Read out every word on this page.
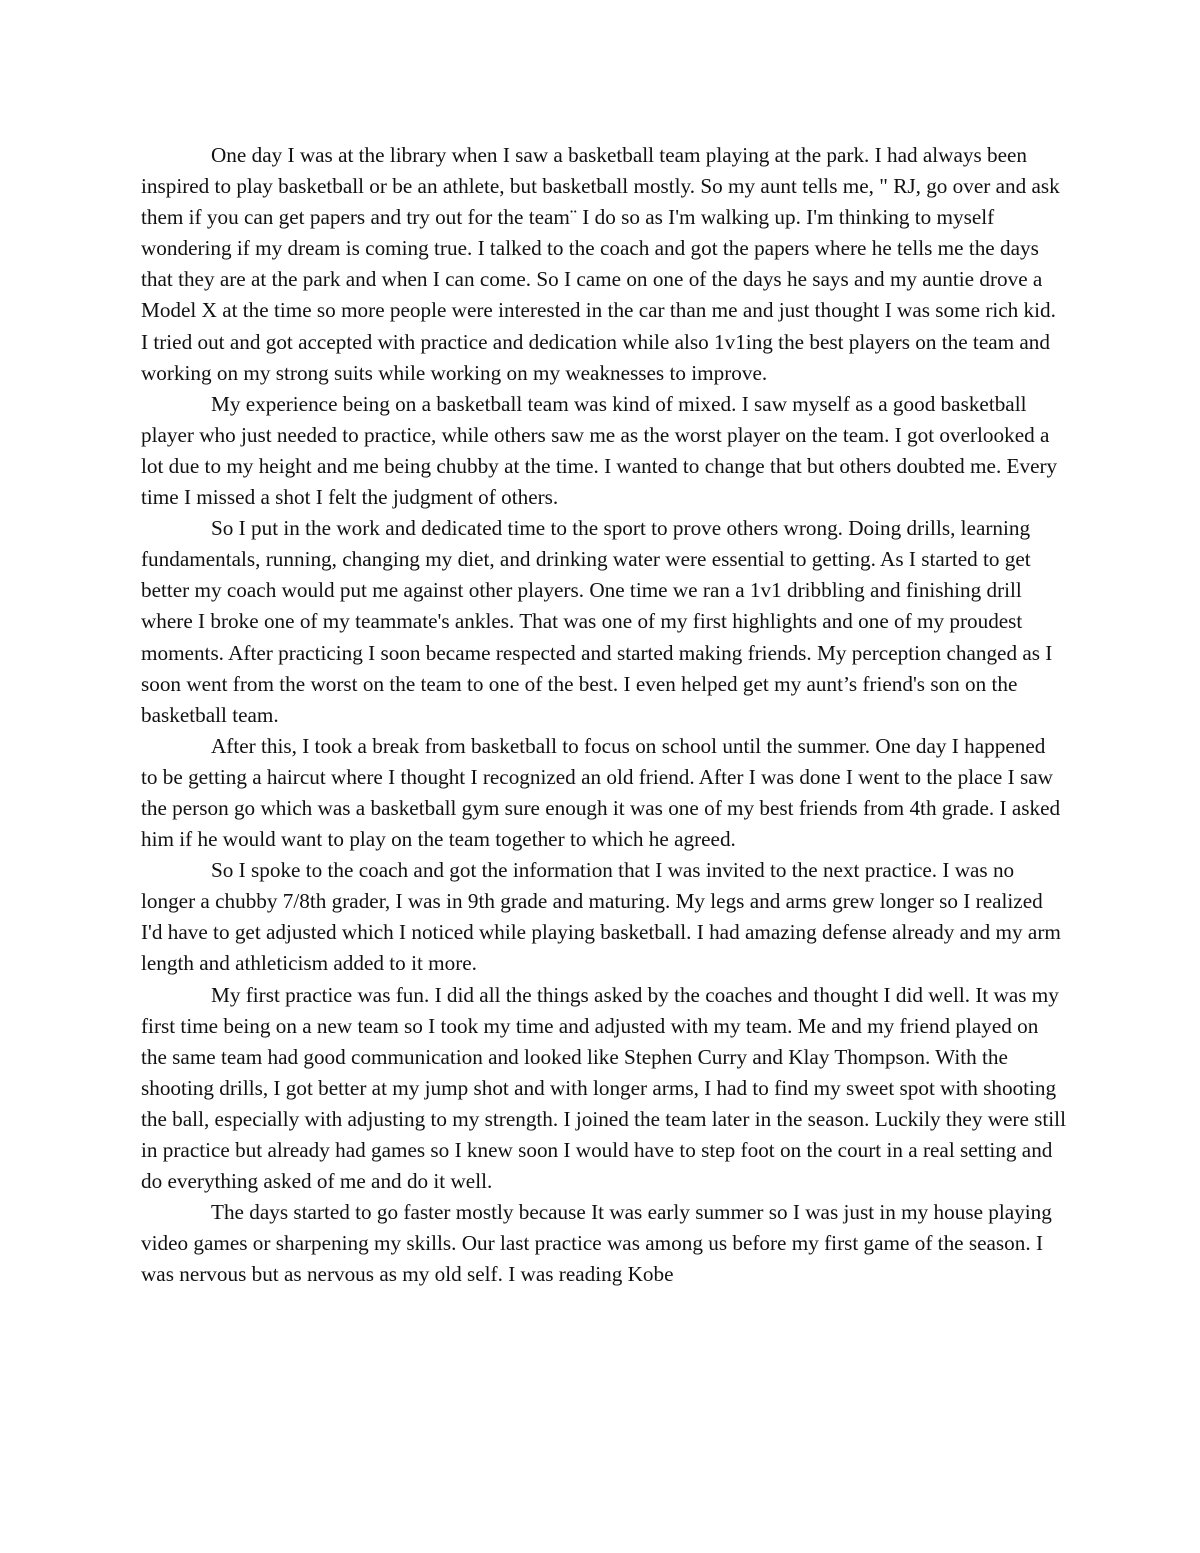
One day I was at the library when I saw a basketball team playing at the park. I had always been inspired to play basketball or be an athlete, but basketball mostly. So my aunt tells me, " RJ, go over and ask them if you can get papers and try out for the team¨ I do so as I'm walking up. I'm thinking to myself wondering if my dream is coming true. I talked to the coach and got the papers where he tells me the days that they are at the park and when I can come. So I came on one of the days he says and my auntie drove a Model X at the time so more people were interested in the car than me and just thought I was some rich kid. I tried out and got accepted with practice and dedication while also 1v1ing the best players on the team and working on my strong suits while working on my weaknesses to improve.

My experience being on a basketball team was kind of mixed. I saw myself as a good basketball player who just needed to practice, while others saw me as the worst player on the team. I got overlooked a lot due to my height and me being chubby at the time. I wanted to change that but others doubted me. Every time I missed a shot I felt the judgment of others.

So I put in the work and dedicated time to the sport to prove others wrong. Doing drills, learning fundamentals, running, changing my diet, and drinking water were essential to getting. As I started to get better my coach would put me against other players. One time we ran a 1v1 dribbling and finishing drill where I broke one of my teammate's ankles. That was one of my first highlights and one of my proudest moments. After practicing I soon became respected and started making friends. My perception changed as I soon went from the worst on the team to one of the best. I even helped get my aunt’s friend's son on the basketball team.

After this, I took a break from basketball to focus on school until the summer. One day I happened to be getting a haircut where I thought I recognized an old friend. After I was done I went to the place I saw the person go which was a basketball gym sure enough it was one of my best friends from 4th grade. I asked him if he would want to play on the team together to which he agreed.

So I spoke to the coach and got the information that I was invited to the next practice. I was no longer a chubby 7/8th grader, I was in 9th grade and maturing. My legs and arms grew longer so I realized I'd have to get adjusted which I noticed while playing basketball. I had amazing defense already and my arm length and athleticism added to it more.

My first practice was fun. I did all the things asked by the coaches and thought I did well. It was my first time being on a new team so I took my time and adjusted with my team. Me and my friend played on the same team had good communication and looked like Stephen Curry and Klay Thompson. With the shooting drills, I got better at my jump shot and with longer arms, I had to find my sweet spot with shooting the ball, especially with adjusting to my strength. I joined the team later in the season. Luckily they were still in practice but already had games so I knew soon I would have to step foot on the court in a real setting and do everything asked of me and do it well.

The days started to go faster mostly because It was early summer so I was just in my house playing video games or sharpening my skills. Our last practice was among us before my first game of the season. I was nervous but as nervous as my old self. I was reading Kobe
